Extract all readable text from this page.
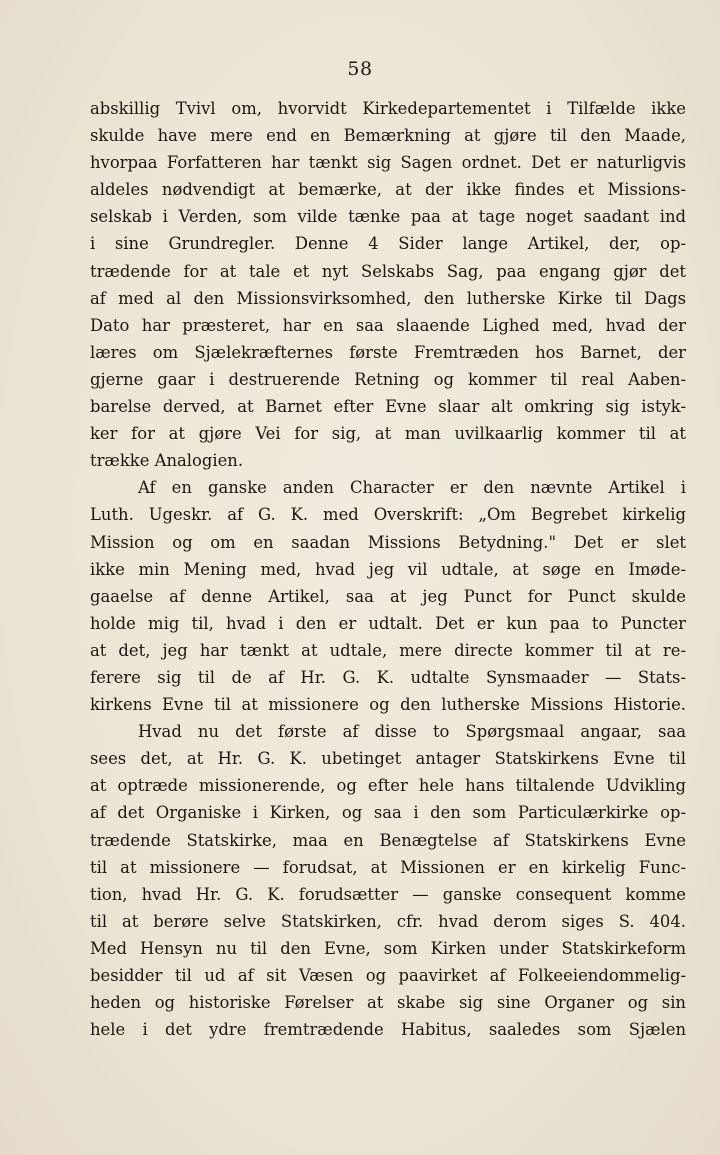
58
abskillig Tvivl om, hvorvidt Kirkedepartementet i Tilfælde ikke
skulde have mere end en Bemærkning at gjøre til den Maade,
hvorpaa Forfatteren har tænkt sig Sagen ordnet. Det er naturligvis
aldeles nødvendigt at bemærke, at der ikke findes et Missions-
selskab i Verden, som vilde tænke paa at tage noget saadant ind
i sine Grundregler. Denne 4 Sider lange Artikel, der, op-
trædende for at tale et nyt Selskabs Sag, paa engang gjør det
af med al den Missionsvirksomhed, den lutherske Kirke til Dags
Dato har præsteret, har en saa slaaende Lighed med, hvad der
læres om Sjælekræfternes første Fremtræden hos Barnet, der
gjerne gaar i destruerende Retning og kommer til real Aaben-
barelse derved, at Barnet efter Evne slaar alt omkring sig istyk-
ker for at gjøre Vei for sig, at man uvilkaarlig kommer til at
trække Analogien.
Af en ganske anden Character er den nævnte Artikel i
Luth. Ugeskr. af G. K. med Overskrift: „Om Begrebet kirkelig
Mission og om en saadan Missions Betydning." Det er slet
ikke min Mening med, hvad jeg vil udtale, at søge en Imøde-
gaaelse af denne Artikel, saa at jeg Punct for Punct skulde
holde mig til, hvad i den er udtalt. Det er kun paa to Puncter
at det, jeg har tænkt at udtale, mere directe kommer til at re-
ferere sig til de af Hr. G. K. udtalte Synsmaader — Stats-
kirkens Evne til at missionere og den lutherske Missions Historie.
Hvad nu det første af disse to Spørgsmaal angaar, saa
sees det, at Hr. G. K. ubetinget antager Statskirkens Evne til
at optræde missionerende, og efter hele hans tiltalende Udvikling
af det Organiske i Kirken, og saa i den som Particulærkirke op-
trædende Statskirke, maa en Benægtelse af Statskirkens Evne
til at missionere — forudsat, at Missionen er en kirkelig Func-
tion, hvad Hr. G. K. forudsætter — ganske consequent komme
til at berøre selve Statskirken, cfr. hvad derom siges S. 404.
Med Hensyn nu til den Evne, som Kirken under Statskirkeform
besidder til ud af sit Væsen og paavirket af Folkeeiendommelig-
heden og historiske Førelser at skabe sig sine Organer og sin
hele i det ydre fremtrædende Habitus, saaledes som Sjælen
